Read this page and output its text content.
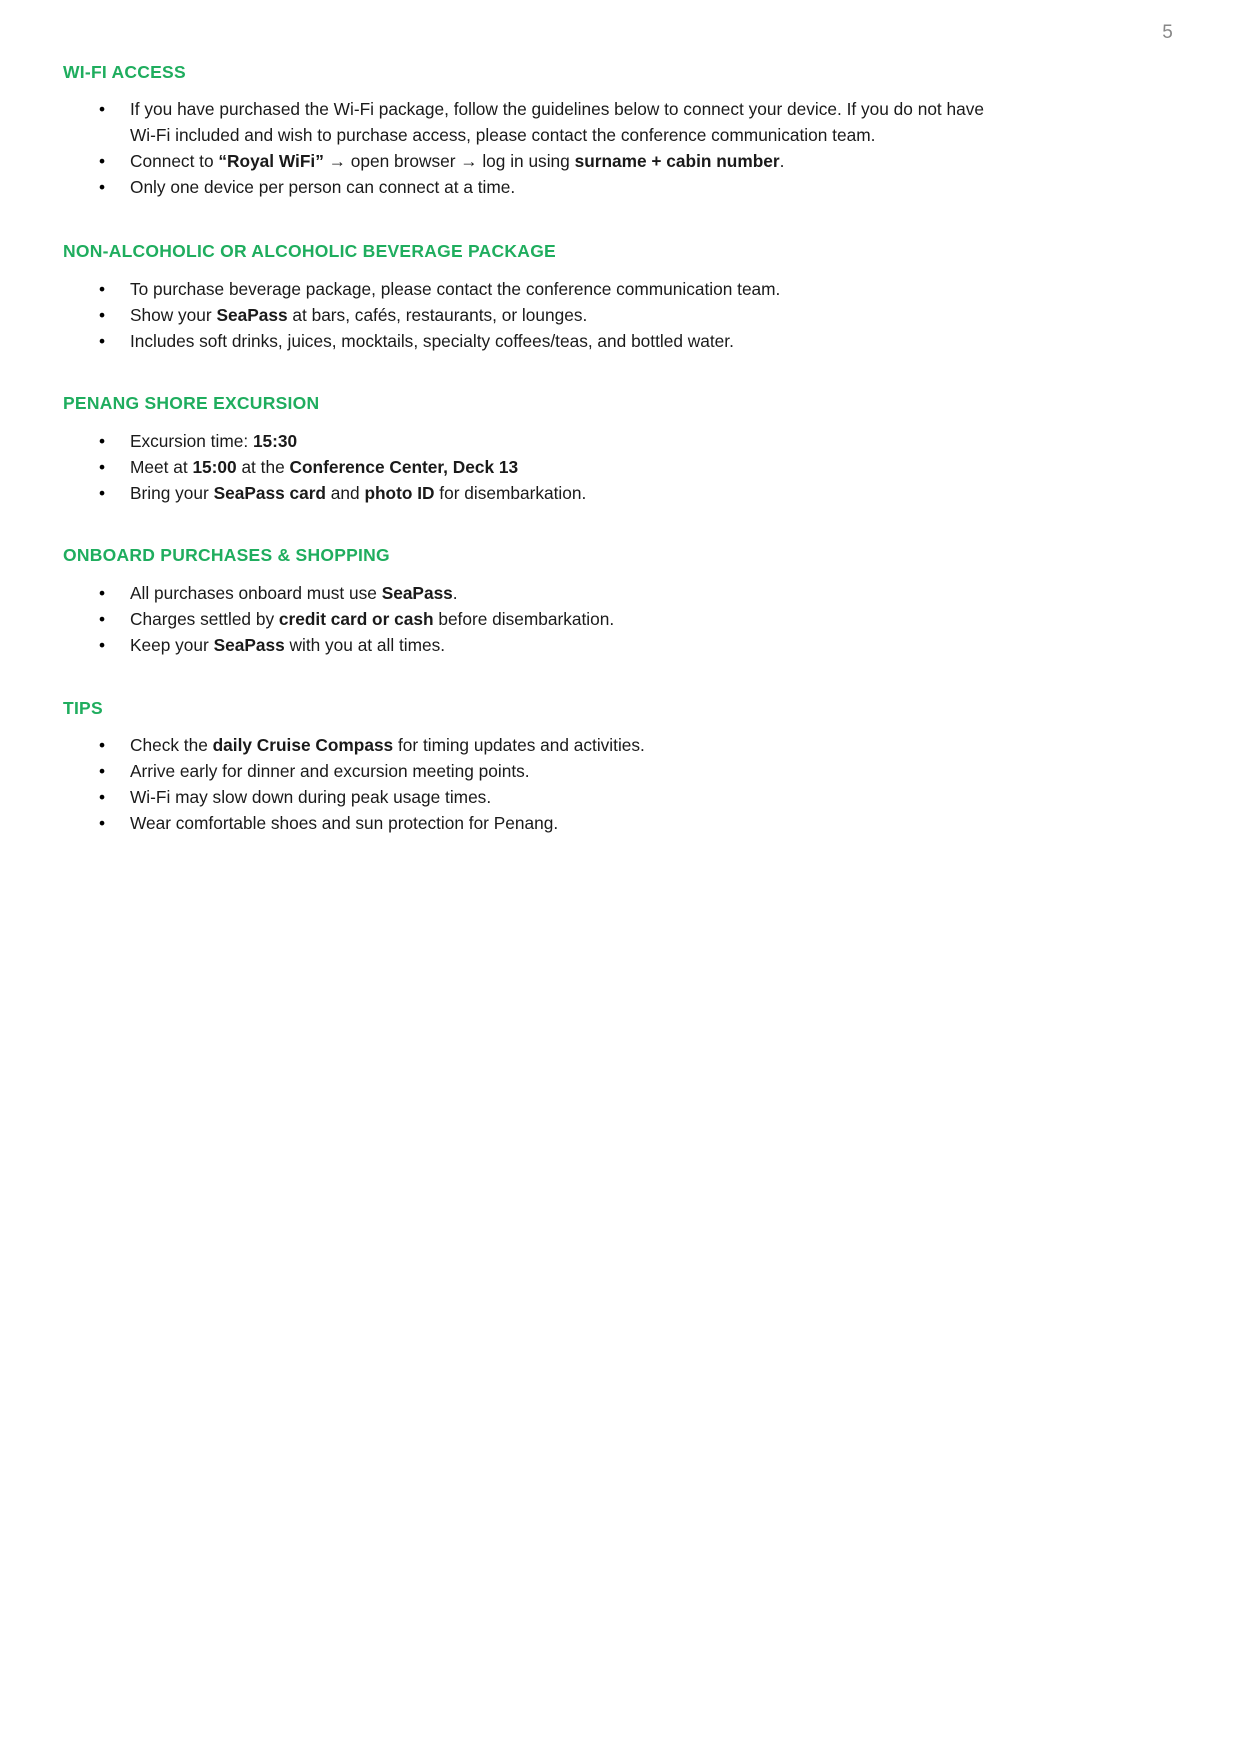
5
WI-FI ACCESS
• If you have purchased the Wi-Fi package, follow the guidelines below to connect your device. If you do not have Wi-Fi included and wish to purchase access, please contact the conference communication team.
• Connect to “Royal WiFi” → open browser → log in using surname + cabin number.
• Only one device per person can connect at a time.
NON-ALCOHOLIC OR ALCOHOLIC BEVERAGE PACKAGE
• To purchase beverage package, please contact the conference communication team.
• Show your SeaPass at bars, cafés, restaurants, or lounges.
• Includes soft drinks, juices, mocktails, specialty coffees/teas, and bottled water.
PENANG SHORE EXCURSION
• Excursion time: 15:30
• Meet at 15:00 at the Conference Center, Deck 13
• Bring your SeaPass card and photo ID for disembarkation.
ONBOARD PURCHASES & SHOPPING
• All purchases onboard must use SeaPass.
• Charges settled by credit card or cash before disembarkation.
• Keep your SeaPass with you at all times.
TIPS
• Check the daily Cruise Compass for timing updates and activities.
• Arrive early for dinner and excursion meeting points.
• Wi-Fi may slow down during peak usage times.
• Wear comfortable shoes and sun protection for Penang.
